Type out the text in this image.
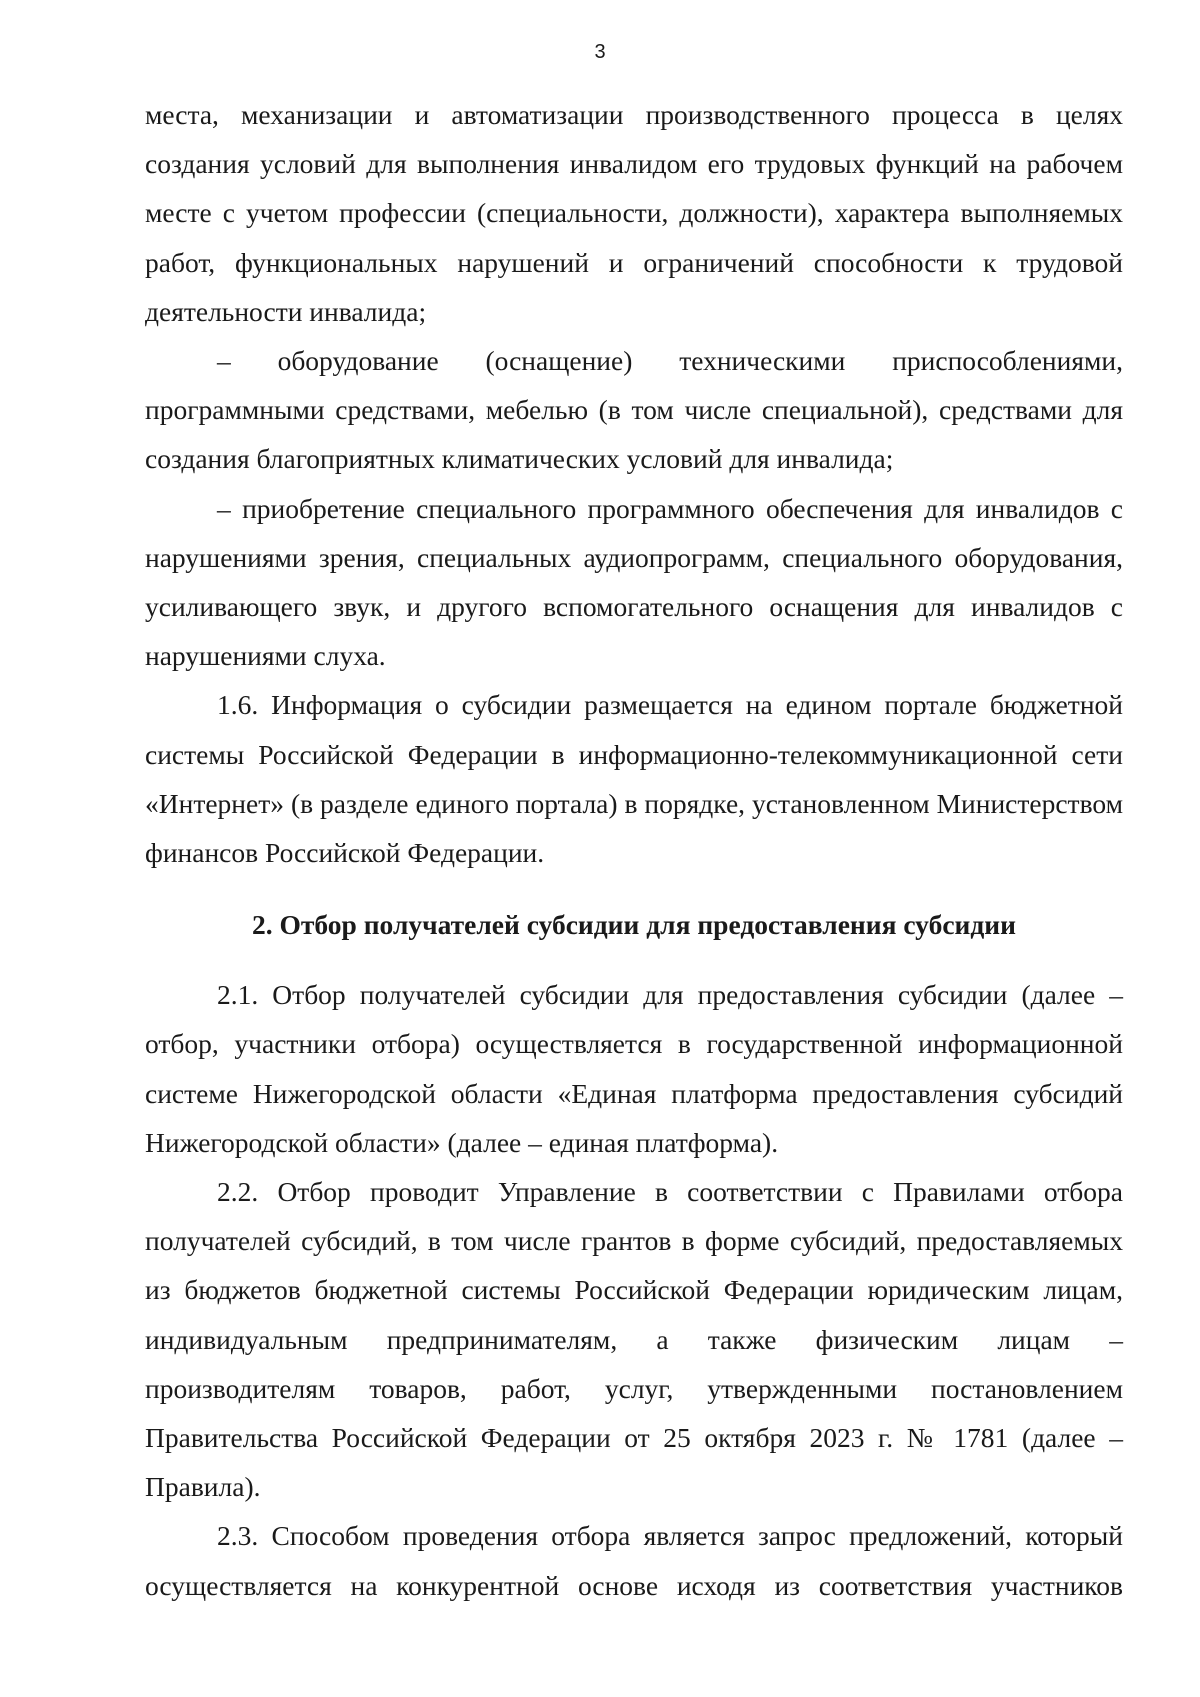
3

места, механизации и автоматизации производственного процесса в целях создания условий для выполнения инвалидом его трудовых функций на рабочем месте с учетом профессии (специальности, должности), характера выполняемых работ, функциональных нарушений и ограничений способности к трудовой деятельности инвалида;

– оборудование (оснащение) техническими приспособлениями, программными средствами, мебелью (в том числе специальной), средствами для создания благоприятных климатических условий для инвалида;

– приобретение специального программного обеспечения для инвалидов с нарушениями зрения, специальных аудиопрограмм, специального оборудования, усиливающего звук, и другого вспомогательного оснащения для инвалидов с нарушениями слуха.

1.6. Информация о субсидии размещается на едином портале бюджетной системы Российской Федерации в информационно-телекоммуникационной сети «Интернет» (в разделе единого портала) в порядке, установленном Министерством финансов Российской Федерации.

2. Отбор получателей субсидии для предоставления субсидии

2.1. Отбор получателей субсидии для предоставления субсидии (далее – отбор, участники отбора) осуществляется в государственной информационной системе Нижегородской области «Единая платформа предоставления субсидий Нижегородской области» (далее – единая платформа).

2.2. Отбор проводит Управление в соответствии с Правилами отбора получателей субсидий, в том числе грантов в форме субсидий, предоставляемых из бюджетов бюджетной системы Российской Федерации юридическим лицам, индивидуальным предпринимателям, а также физическим лицам – производителям товаров, работ, услуг, утвержденными постановлением Правительства Российской Федерации от 25 октября 2023 г. № 1781 (далее – Правила).

2.3. Способом проведения отбора является запрос предложений, который осуществляется на конкурентной основе исходя из соответствия участников
